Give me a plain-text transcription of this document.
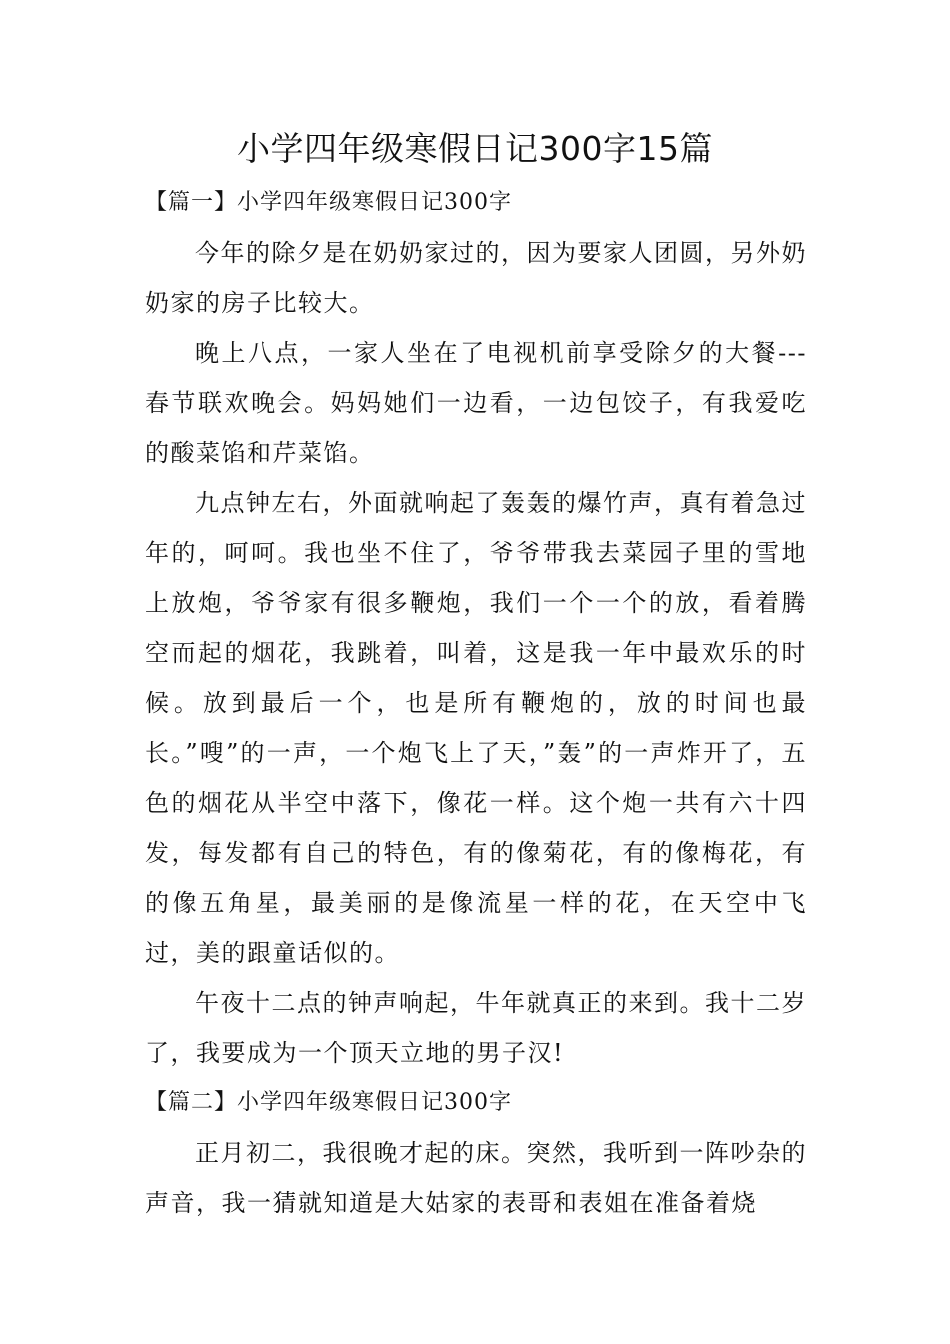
小学四年级寒假日记300字15篇

【篇一】小学四年级寒假日记300字

今年的除夕是在奶奶家过的，因为要家人团圆，另外奶奶家的房子比较大。

晚上八点，一家人坐在了电视机前享受除夕的大餐---春节联欢晚会。妈妈她们一边看，一边包饺子，有我爱吃的酸菜馅和芹菜馅。

九点钟左右，外面就响起了轰轰的爆竹声，真有着急过年的，呵呵。我也坐不住了，爷爷带我去菜园子里的雪地上放炮，爷爷家有很多鞭炮，我们一个一个的放，看着腾空而起的烟花，我跳着，叫着，这是我一年中最欢乐的时候。放到最后一个，也是所有鞭炮的，放的时间也最长。”嗖”的一声，一个炮飞上了天，”轰”的一声炸开了，五色的烟花从半空中落下，像花一样。这个炮一共有六十四发，每发都有自己的特色，有的像菊花，有的像梅花，有的像五角星，最美丽的是像流星一样的花，在天空中飞过，美的跟童话似的。

午夜十二点的钟声响起，牛年就真正的来到。我十二岁了，我要成为一个顶天立地的男子汉!

【篇二】小学四年级寒假日记300字

正月初二，我很晚才起的床。突然，我听到一阵吵杂的声音，我一猜就知道是大姑家的表哥和表姐在准备着烧
